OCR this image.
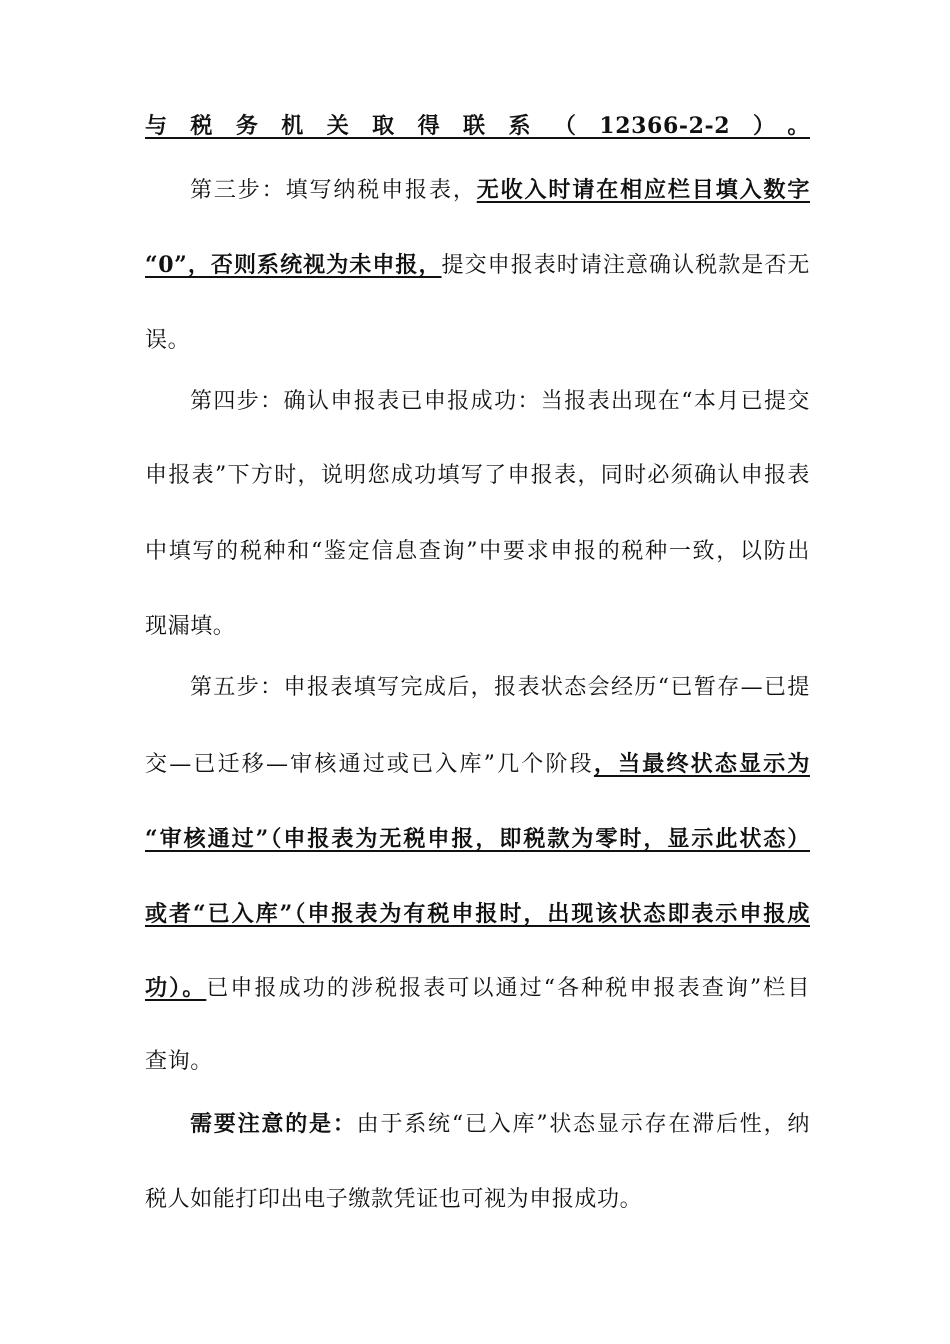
与税务机关取得联系（12366-2-2）。
第三步：填写纳税申报表，无收入时请在相应栏目填入数字
“0”，否则系统视为未申报，提交申报表时请注意确认税款是否无
误。
第四步：确认申报表已申报成功：当报表出现在“本月已提交
申报表”下方时，说明您成功填写了申报表，同时必须确认申报表
中填写的税种和“鉴定信息查询”中要求申报的税种一致，以防出
现漏填。
第五步：申报表填写完成后，报表状态会经历“已暂存—已提
交—已迁移—审核通过或已入库”几个阶段，当最终状态显示为
“审核通过”（申报表为无税申报，即税款为零时，显示此状态）
或者“已入库”（申报表为有税申报时，出现该状态即表示申报成
功）。已申报成功的涉税报表可以通过“各种税申报表查询”栏目
查询。
需要注意的是：由于系统“已入库”状态显示存在滞后性，纳
税人如能打印出电子缴款凭证也可视为申报成功。
